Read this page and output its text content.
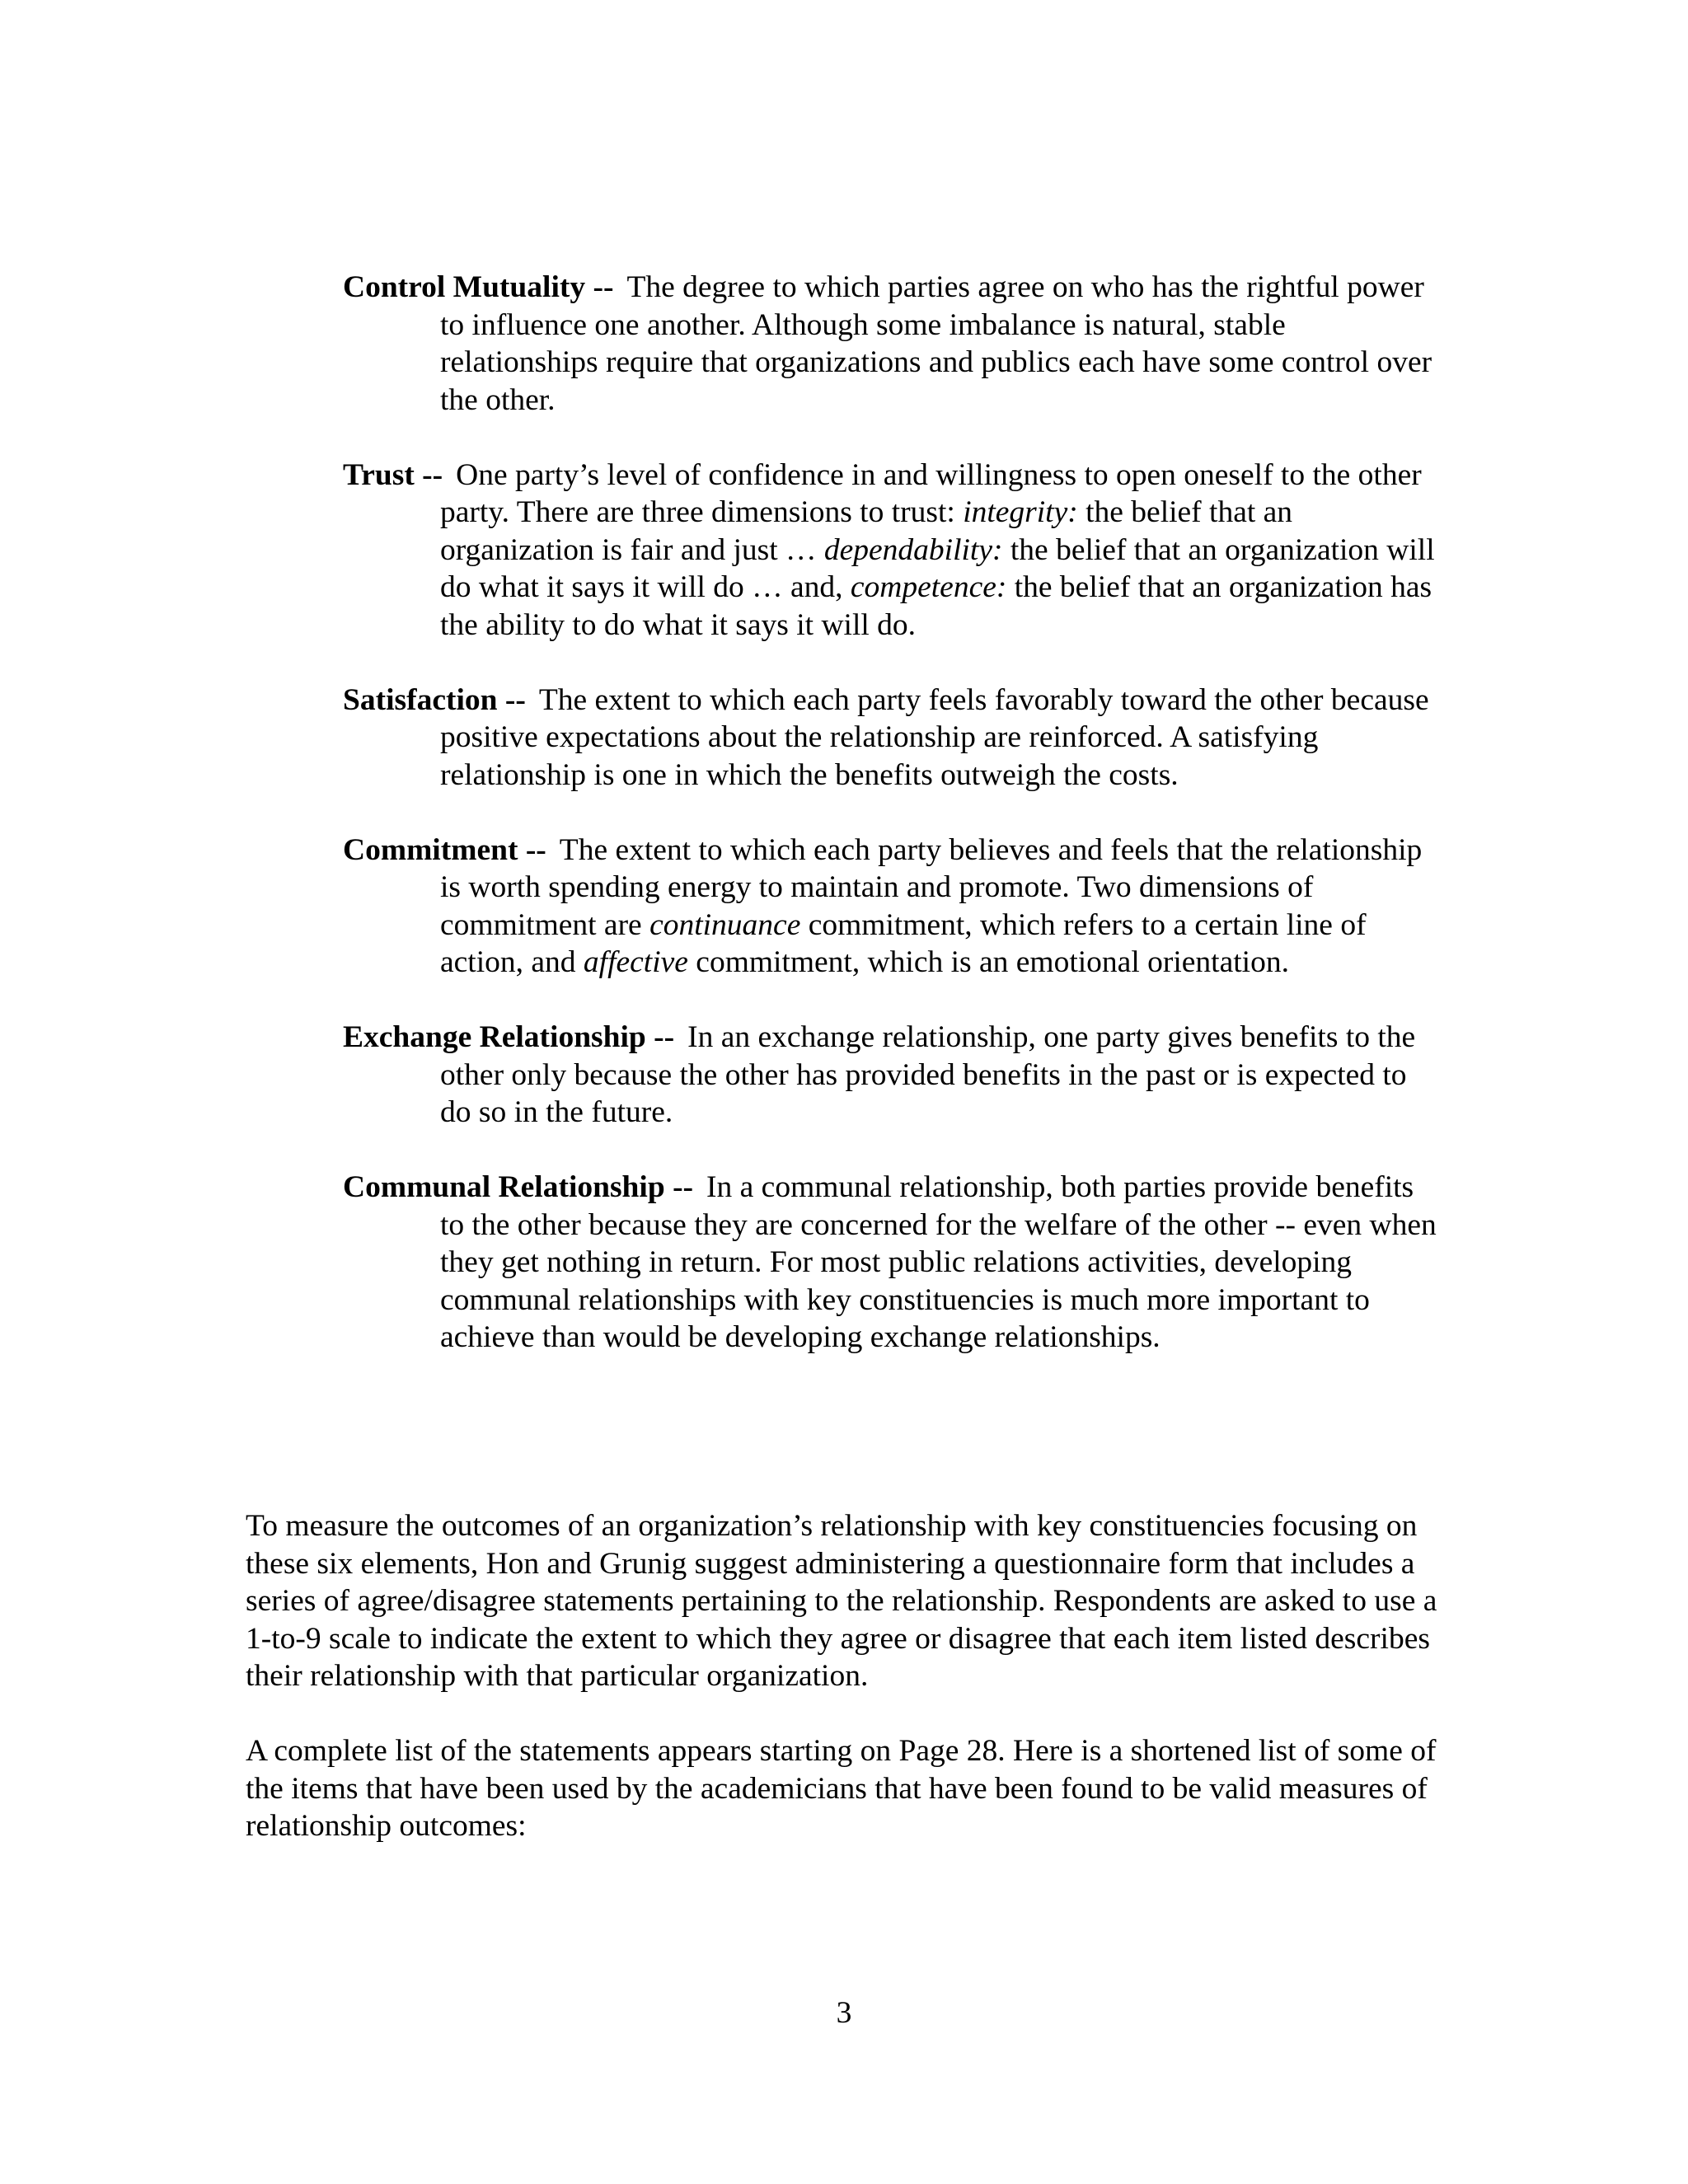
Control Mutuality -- The degree to which parties agree on who has the rightful power to influence one another. Although some imbalance is natural, stable relationships require that organizations and publics each have some control over the other.

Trust -- One party’s level of confidence in and willingness to open oneself to the other party. There are three dimensions to trust: integrity: the belief that an organization is fair and just … dependability: the belief that an organization will do what it says it will do … and, competence: the belief that an organization has the ability to do what it says it will do.

Satisfaction -- The extent to which each party feels favorably toward the other because positive expectations about the relationship are reinforced. A satisfying relationship is one in which the benefits outweigh the costs.

Commitment -- The extent to which each party believes and feels that the relationship is worth spending energy to maintain and promote. Two dimensions of commitment are continuance commitment, which refers to a certain line of action, and affective commitment, which is an emotional orientation.

Exchange Relationship -- In an exchange relationship, one party gives benefits to the other only because the other has provided benefits in the past or is expected to do so in the future.

Communal Relationship -- In a communal relationship, both parties provide benefits to the other because they are concerned for the welfare of the other -- even when they get nothing in return. For most public relations activities, developing communal relationships with key constituencies is much more important to achieve than would be developing exchange relationships.

To measure the outcomes of an organization’s relationship with key constituencies focusing on these six elements, Hon and Grunig suggest administering a questionnaire form that includes a series of agree/disagree statements pertaining to the relationship. Respondents are asked to use a 1-to-9 scale to indicate the extent to which they agree or disagree that each item listed describes their relationship with that particular organization.

A complete list of the statements appears starting on Page 28. Here is a shortened list of some of the items that have been used by the academicians that have been found to be valid measures of relationship outcomes:

3
